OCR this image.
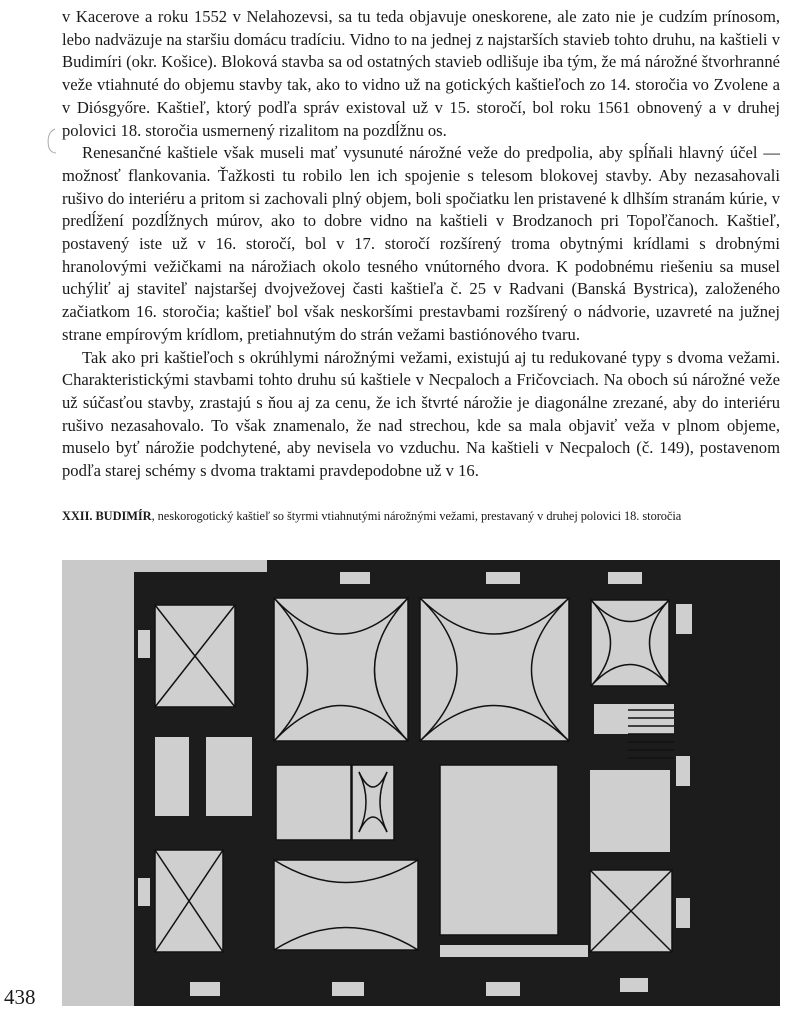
v Kacerove a roku 1552 v Nelahozevsi, sa tu teda objavuje oneskorene, ale zato nie je cudzím prínosom, lebo nadväzuje na staršiu domácu tradíciu. Vidno to na jednej z najstarších stavieb tohto druhu, na kaštieli v Budimíri (okr. Košice). Bloková stavba sa od ostatných stavieb odlišuje iba tým, že má nárožné štvorhranné veže vtiahnuté do objemu stavby tak, ako to vidno už na gotických kaštieľoch zo 14. storočia vo Zvolene a v Diósgyőre. Kaštieľ, ktorý podľa správ existoval už v 15. storočí, bol roku 1561 obnovený a v druhej polovici 18. storočia usmernený rizalitom na pozdĺžnu os.

Renesančné kaštiele však museli mať vysunuté nárožné veže do predpolia, aby spĺňali hlavný účel — možnosť flankovania. Ťažkosti tu robilo len ich spojenie s telesom blokovej stavby. Aby nezasahovali rušivo do interiéru a pritom si zachovali plný objem, boli spočiatku len pristavené k dlhším stranám kúrie, v predĺžení pozdĺžnych múrov, ako to dobre vidno na kaštieli v Brodzanoch pri Topoľčanoch. Kaštieľ, postavený iste už v 16. storočí, bol v 17. storočí rozšírený troma obytnými krídlami s drobnými hranolovými vežičkami na nárožiach okolo tesného vnútorného dvora. K podobnému riešeniu sa musel uchýliť aj staviteľ najstaršej dvojvežovej časti kaštieľa č. 25 v Radvani (Banská Bystrica), založeného začiatkom 16. storočia; kaštieľ bol však neskoršími prestavbami rozšírený o nádvorie, uzavreté na južnej strane empírovým krídlom, pretiahnutým do strán vežami bastiónového tvaru.

Tak ako pri kaštieľoch s okrúhlymi nárožnými vežami, existujú aj tu redukované typy s dvoma vežami. Charakteristickými stavbami tohto druhu sú kaštiele v Necpaloch a Fričovciach. Na oboch sú nárožné veže už súčasťou stavby, zrastajú s ňou aj za cenu, že ich štvrté nárožie je diagonálne zrezané, aby do interiéru rušivo nezasahovalo. To však znamenalo, že nad strechou, kde sa mala objaviť veža v plnom objeme, muselo byť nárožie podchytené, aby nevisela vo vzduchu. Na kaštieli v Necpaloch (č. 149), postavenom podľa starej schémy s dvoma traktami pravdepodobne už v 16.

XXII. BUDIMÍR, neskorogotický kaštieľ so štyrmi vtiahnutými nárožnými vežami, prestavaný v druhej polovici 18. storočia
438
